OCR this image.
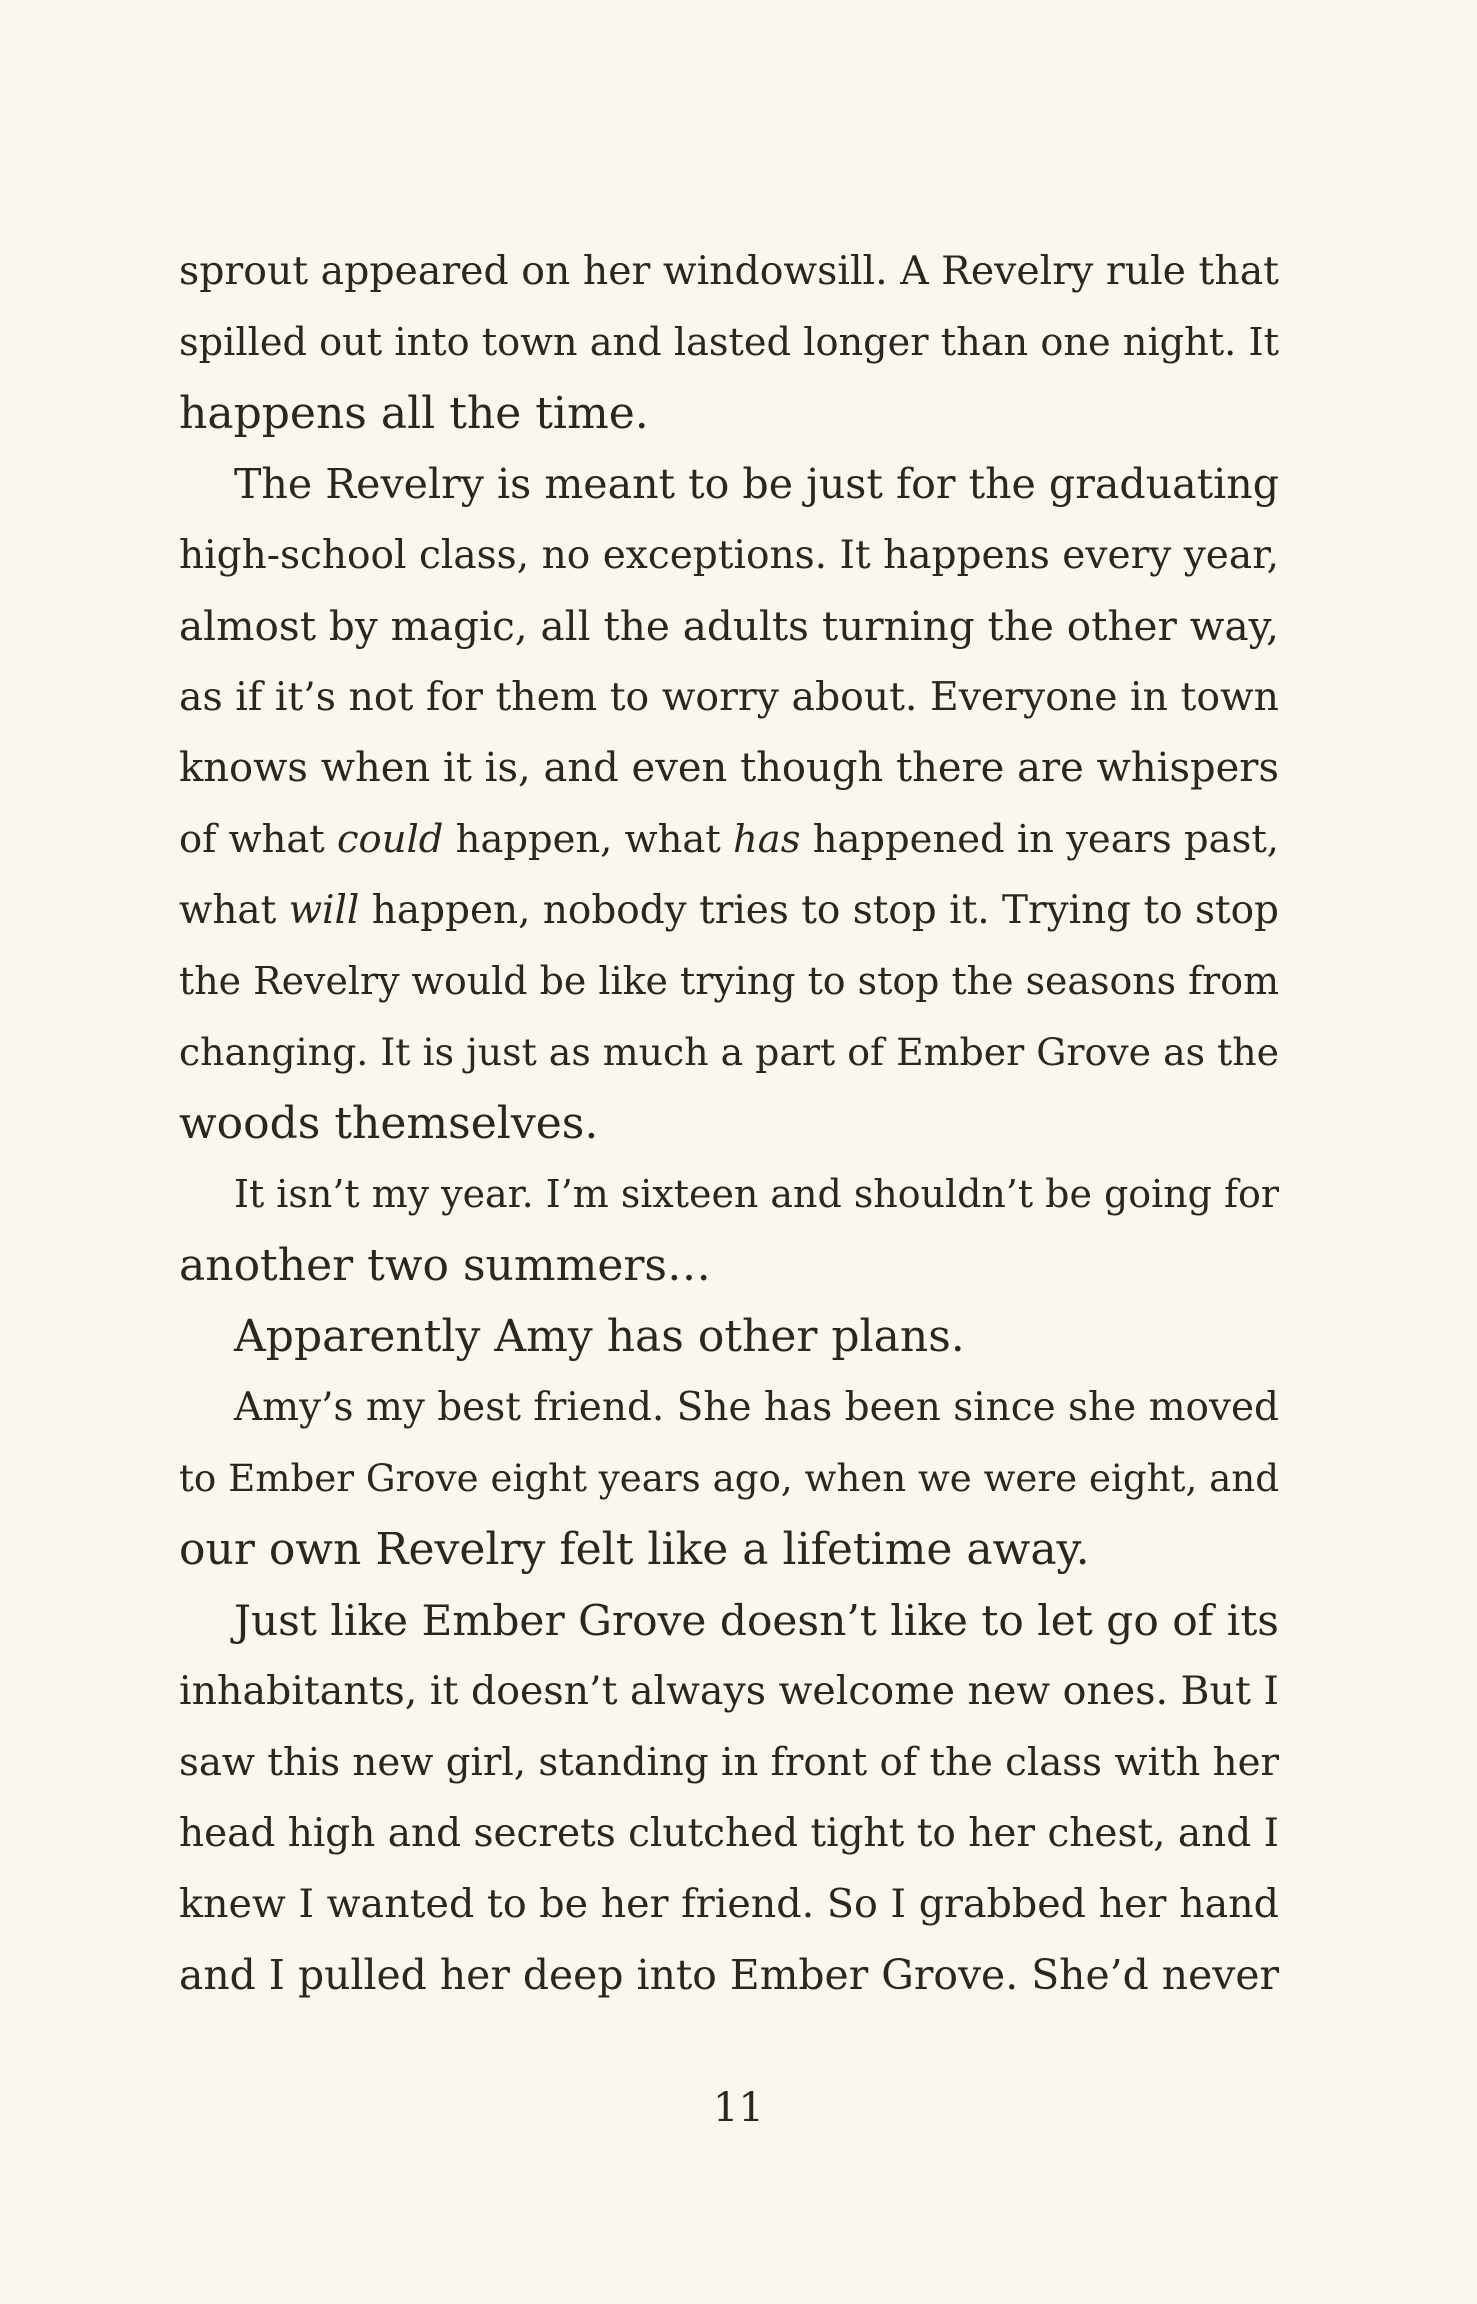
sprout appeared on her windowsill. A Revelry rule that
spilled out into town and lasted longer than one night. It
happens all the time.
The Revelry is meant to be just for the graduating
high-school class, no exceptions. It happens every year,
almost by magic, all the adults turning the other way,
as if it’s not for them to worry about. Everyone in town
knows when it is, and even though there are whispers
of what could happen, what has happened in years past,
what will happen, nobody tries to stop it. Trying to stop
the Revelry would be like trying to stop the seasons from
changing. It is just as much a part of Ember Grove as the
woods themselves.
It isn’t my year. I’m sixteen and shouldn’t be going for
another two summers…
Apparently Amy has other plans.
Amy’s my best friend. She has been since she moved
to Ember Grove eight years ago, when we were eight, and
our own Revelry felt like a lifetime away.
Just like Ember Grove doesn’t like to let go of its
inhabitants, it doesn’t always welcome new ones. But I
saw this new girl, standing in front of the class with her
head high and secrets clutched tight to her chest, and I
knew I wanted to be her friend. So I grabbed her hand
and I pulled her deep into Ember Grove. She’d never
11
